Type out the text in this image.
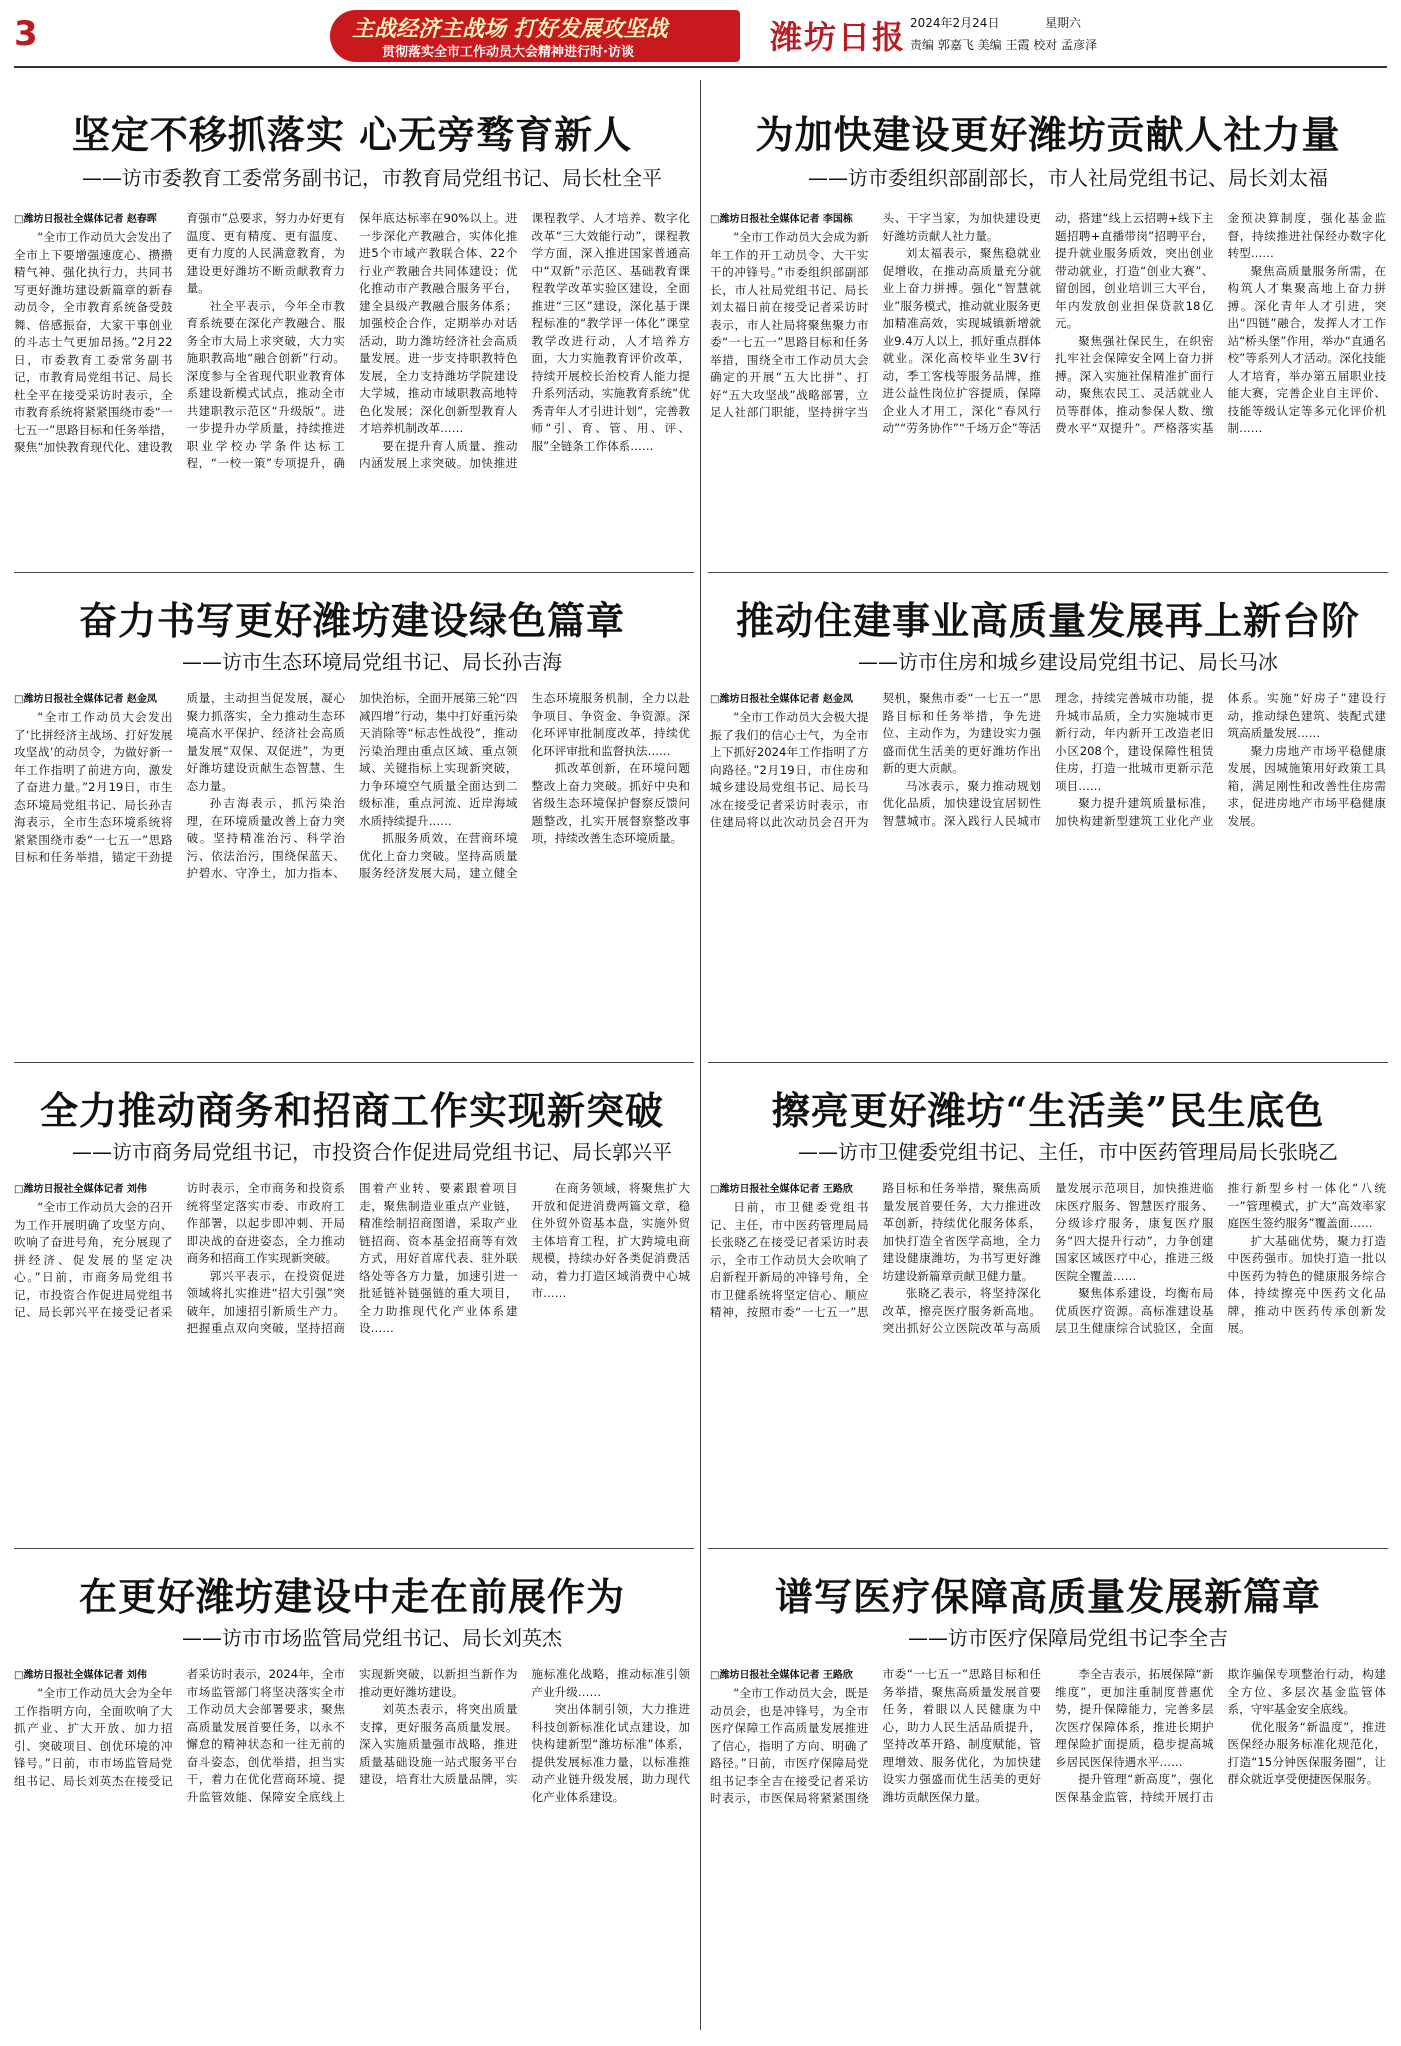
3	主战经济主战场 打好发展攻坚战
贯彻落实全市工作动员大会精神进行时·访谈	潍坊日报 2024年2月24日	星期六
责编 郭嘉飞 美编 王霞 校对 孟彦泽
坚定不移抓落实 心无旁骛育新人
——访市委教育工委常务副书记，市教育局党组书记、局长杜全平
□潍坊日报社全媒体记者 赵春晖

“全市工作动员大会发出了全市上下要增强速度心、攒攒精气神、强化执行力，共同书写更好潍坊建设新篇章的新春动员令，全市教育系统备受鼓舞、倍感振奋，大家干事创业的斗志士气更加昂扬。”2月22日，市委教育工委常务副书记，市教育局党组书记、局长杜全平在接受采访时表示，全市教育系统将紧紧围绕市委“一七五一”思路目标和任务举措，聚焦“加快教育现代化、建设教育强市”总要求，努力办好更有温度、更有精度、更有温度、更有力度的人民满意教育，为建设更好潍坊不断贡献教育力量。

社全平表示，今年全市教育系统要在深化产教融合、服务全市大局上求突破，大力实施职教高地“融合创新”行动。深度参与全省现代职业教育体系建设新模式试点，推动全市共建职教示范区“升级版”。进一步提升办学质量，持续推进职业学校办学条件达标工程，“一校一策”专项提升，确保年底达标率在90%以上。进一步深化产教融合，实体化推进5个市域产教联合体、22个行业产教融合共同体建设；优化推动市产教融合服务平台，建全县级产教融合服务体系；加强校企合作，定期举办对话活动，助力潍坊经济社会高质量发展。进一步支持职教特色发展，全力支持潍坊学院建设大学城，推动市域职教高地特色化发展；深化创新型教育人才培养机制改革……

要在提升育人质量、推动内涵发展上求突破。加快推进课程教学、人才培养、数字化改革“三大效能行动”，课程教学方面，深入推进国家普通高中“双新”示范区、基础教育课程教学改革实验区建设，全面推进“三区”建设，深化基于课程标准的“教学评一体化”课堂教学改进行动，人才培养方面，大力实施教育评价改革，持续开展校长治校育人能力提升系列活动，实施教育系统“优秀青年人才引进计划”，完善教师“引、育、管、用、评、服”全链条工作体系……

为加快建设更好潍坊贡献人社力量
——访市委组织部副部长，市人社局党组书记、局长刘太福
□潍坊日报社全媒体记者 李国栋

“全市工作动员大会成为新年工作的开工动员令、大干实干的冲锋号。”市委组织部副部长，市人社局党组书记、局长刘太福日前在接受记者采访时表示，市人社局将聚焦聚力市委“一七五一”思路目标和任务举措，围绕全市工作动员大会确定的开展“五大比拼”、打好“五大攻坚战”战略部署，立足人社部门职能，坚持拼字当头、干字当家，为加快建设更好潍坊贡献人社力量。

刘太福表示，聚焦稳就业促增收，在推动高质量充分就业上奋力拼搏。强化“智慧就业”服务模式，推动就业服务更加精准高效，实现城镇新增就业9.4万人以上，抓好重点群体就业。深化高校毕业生3V行动，季工客栈等服务品牌，推进公益性岗位扩容提质，保障企业人才用工，深化“春风行动”“劳务协作”“千场万企”等活动，搭建“线上云招聘+线下主题招聘+直播带岗”招聘平台，提升就业服务质效，突出创业带动就业，打造“创业大赛”、留创园，创业培训三大平台，年内发放创业担保贷款18亿元。

聚焦强社保民生，在织密扎牢社会保障安全网上奋力拼搏。深入实施社保精准扩面行动，聚焦农民工、灵活就业人员等群体，推动参保人数、缴费水平“双提升”。严格落实基金预决算制度，强化基金监督，持续推进社保经办数字化转型……

聚焦高质量服务所需，在构筑人才集聚高地上奋力拼搏。深化青年人才引进，突出“四链”融合，发挥人才工作站“桥头堡”作用，举办“直通名校”等系列人才活动。深化技能人才培育，举办第五届职业技能大赛，完善企业自主评价、技能等级认定等多元化评价机制……

奋力书写更好潍坊建设绿色篇章
——访市生态环境局党组书记、局长孙吉海
□潍坊日报社全媒体记者 赵金凤

“全市工作动员大会发出了‘比拼经济主战场、打好发展攻坚战’的动员令，为做好新一年工作指明了前进方向，激发了奋进力量。”2月19日，市生态环境局党组书记、局长孙吉海表示，全市生态环境系统将紧紧围绕市委“一七五一”思路目标和任务举措，锚定干劲提质量，主动担当促发展，凝心聚力抓落实，全力推动生态环境高水平保护、经济社会高质量发展“双保、双促进”，为更好潍坊建设贡献生态智慧、生态力量。

孙吉海表示，抓污染治理，在环境质量改善上奋力突破。坚持精准治污、科学治污、依法治污，围绕保蓝天、护碧水、守净土，加力指本、加快治标，全面开展第三轮“四减四增”行动，集中打好重污染天消除等“标志性战役”，推动污染治理由重点区域、重点领域、关键指标上实现新突破，力争环境空气质量全面达到二级标准，重点河流、近岸海域水质持续提升……

抓服务质效，在营商环境优化上奋力突破。坚持高质量服务经济发展大局，建立健全生态环境服务机制，全力以赴争项目、争资金、争资源。深化环评审批制度改革，持续优化环评审批和监督执法……

抓改革创新，在环境问题整改上奋力突破。抓好中央和省级生态环境保护督察反馈问题整改，扎实开展督察整改事项，持续改善生态环境质量。

推动住建事业高质量发展再上新台阶
——访市住房和城乡建设局党组书记、局长马冰
□潍坊日报社全媒体记者 赵金凤

“全市工作动员大会极大提振了我们的信心士气，为全市上下抓好2024年工作指明了方向路径。”2月19日，市住房和城乡建设局党组书记、局长马冰在接受记者采访时表示，市住建局将以此次动员会召开为契机，聚焦市委“一七五一”思路目标和任务举措，争先进位、主动作为，为建设实力强盛而优生活美的更好潍坊作出新的更大贡献。

马冰表示，聚力推动规划优化品质，加快建设宜居韧性智慧城市。深入践行人民城市理念，持续完善城市功能，提升城市品质，全力实施城市更新行动，年内新开工改造老旧小区208个，建设保障性租赁住房，打造一批城市更新示范项目……

聚力提升建筑质量标准，加快构建新型建筑工业化产业体系。实施“好房子”建设行动，推动绿色建筑、装配式建筑高质量发展……

聚力房地产市场平稳健康发展，因城施策用好政策工具箱，满足刚性和改善性住房需求，促进房地产市场平稳健康发展。

全力推动商务和招商工作实现新突破
——访市商务局党组书记，市投资合作促进局党组书记、局长郭兴平
□潍坊日报社全媒体记者 刘伟

“全市工作动员大会的召开为工作开展明确了攻坚方向、吹响了奋进号角，充分展现了拼经济、促发展的坚定决心。”日前，市商务局党组书记，市投资合作促进局党组书记、局长郭兴平在接受记者采访时表示，全市商务和投资系统将坚定落实市委、市政府工作部署，以起步即冲刺、开局即决战的奋进姿态，全力推动商务和招商工作实现新突破。

郭兴平表示，在投资促进领域将扎实推进“招大引强”突破年，加速招引新质生产力。把握重点双向突破，坚持招商围着产业转、要素跟着项目走，聚焦制造业重点产业链，精准绘制招商图谱，采取产业链招商、资本基金招商等有效方式，用好首席代表、驻外联络处等各方力量，加速引进一批延链补链强链的重大项目，全力助推现代化产业体系建设……

在商务领域，将聚焦扩大开放和促进消费两篇文章，稳住外贸外资基本盘，实施外贸主体培育工程，扩大跨境电商规模，持续办好各类促消费活动，着力打造区域消费中心城市……

擦亮更好潍坊“生活美”民生底色
——访市卫健委党组书记、主任，市中医药管理局局长张晓乙
□潍坊日报社全媒体记者 王路欣

日前，市卫健委党组书记、主任，市中医药管理局局长张晓乙在接受记者采访时表示，全市工作动员大会吹响了启新程开新局的冲锋号角，全市卫健系统将坚定信心、顺应精神，按照市委“一七五一”思路目标和任务举措，聚焦高质量发展首要任务，大力推进改革创新，持续优化服务体系，加快打造全省医学高地，全力建设健康潍坊，为书写更好潍坊建设新篇章贡献卫健力量。

张晓乙表示，将坚持深化改革，擦亮医疗服务新高地。突出抓好公立医院改革与高质量发展示范项目，加快推进临床医疗服务、智慧医疗服务、分级诊疗服务，康复医疗服务“四大提升行动”，力争创建国家区域医疗中心，推进三级医院全覆盖……

聚焦体系建设，均衡布局优质医疗资源。高标准建设基层卫生健康综合试验区，全面推行新型乡村一体化“八统一”管理模式，扩大“高效率家庭医生签约服务”覆盖面……

扩大基础优势，聚力打造中医药强市。加快打造一批以中医药为特色的健康服务综合体，持续擦亮中医药文化品牌，推动中医药传承创新发展。

在更好潍坊建设中走在前展作为
——访市市场监管局党组书记、局长刘英杰
□潍坊日报社全媒体记者 刘伟

“全市工作动员大会为全年工作指明方向，全面吹响了大抓产业、扩大开放、加力招引、突破项目、创优环境的冲锋号。”日前，市市场监管局党组书记、局长刘英杰在接受记者采访时表示，2024年，全市市场监管部门将坚决落实全市工作动员大会部署要求，聚焦高质量发展首要任务，以永不懈怠的精神状态和一往无前的奋斗姿态，创优举措，担当实干，着力在优化营商环境、提升监管效能、保障安全底线上实现新突破，以新担当新作为推动更好潍坊建设。

刘英杰表示，将突出质量支撑，更好服务高质量发展。深入实施质量强市战略，推进质量基础设施一站式服务平台建设，培育壮大质量品牌，实施标准化战略，推动标准引领产业升级……

突出体制引领，大力推进科技创新标准化试点建设，加快构建新型“潍坊标准”体系，提供发展标准力量，以标准推动产业链升级发展，助力现代化产业体系建设。

谱写医疗保障高质量发展新篇章
——访市医疗保障局党组书记李全吉
□潍坊日报社全媒体记者 王路欣

“全市工作动员大会，既是动员会，也是冲锋号，为全市医疗保障工作高质量发展推进了信心，指明了方向、明确了路径。”日前，市医疗保障局党组书记李全吉在接受记者采访时表示，市医保局将紧紧围绕市委“一七五一”思路目标和任务举措，聚焦高质量发展首要任务，着眼以人民健康为中心，助力人民生活品质提升，坚持改革开路、制度赋能，管理增效、服务优化，为加快建设实力强盛而优生活美的更好潍坊贡献医保力量。

李全吉表示，拓展保障“新维度”，更加注重制度普惠优势，提升保障能力，完善多层次医疗保障体系，推进长期护理保险扩面提质，稳步提高城乡居民医保待遇水平……

提升管理“新高度”，强化医保基金监管，持续开展打击欺诈骗保专项整治行动，构建全方位、多层次基金监管体系，守牢基金安全底线。

优化服务“新温度”，推进医保经办服务标准化规范化，打造“15分钟医保服务圈”，让群众就近享受便捷医保服务。
